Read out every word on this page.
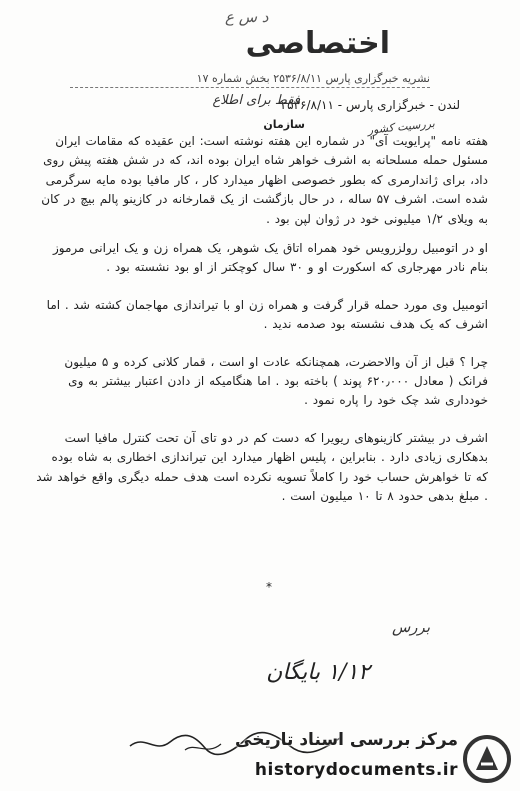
د س ع
اختصاصی
نشریه خبرگزاری پارس ۲۵۳۶/۸/۱۱ بخش شماره ۱۷
لندن - خبرگزاری پارس - ۲۵۳۶/۸/۱۱
فقط برای اطلاع
سازمان	بررسیت کشور

هفته نامه "پرایویت آی" در شماره این هفته نوشته است: این عقیده که مقامات ایران مسئول حمله مسلحانه به اشرف خواهر شاه ایران بوده اند، که در شش هفته پیش روی داد، برای ژاندارمری که بطور خصوصی اظهار میدارد کار ، کار مافیا بوده مایه سرگرمی شده است. اشرف ۵۷ ساله ، در حال بازگشت از یک قمارخانه در کازینو پالم بیچ در کان به ویلای ۱/۲ میلیونی خود در ژوان لپن بود .

او در اتومبیل رولزرویس خود همراه اتاق یک شوهر، یک همراه زن و یک ایرانی مرموز بنام نادر مهرجاری که اسکورت او و ۳۰ سال کوچکتر از او بود نشسته بود .

اتومبیل وی مورد حمله قرار گرفت و همراه زن او با تیراندازی مهاجمان کشته شد . اما اشرف که یک هدف نشسته بود صدمه ندید .

چرا ؟ قبل از آن والاحضرت، همچنانکه عادت او است ، قمار کلانی کرده و ۵ میلیون فرانک ( معادل ۶۲۰٫۰۰۰ پوند ) باخته بود . اما هنگامیکه از دادن اعتبار بیشتر به وی خودداری شد چک خود را پاره نمود .

اشرف در بیشتر کازینوهای ریویرا که دست کم در دو تای آن تحت کنترل مافیا است بدهکاری زیادی دارد . بنابراین ، پلیس اظهار میدارد این تیراندازی اخطاری به شاه بوده که تا خواهرش حساب خود را کاملاً تسویه نکرده است هدف حمله دیگری واقع خواهد شد . مبلغ بدهی حدود ۸ تا ۱۰ میلیون است .

*
بررس
۱/۱۲ بایگان
مرکز بررسی اسناد تاریخی
historydocuments.ir
